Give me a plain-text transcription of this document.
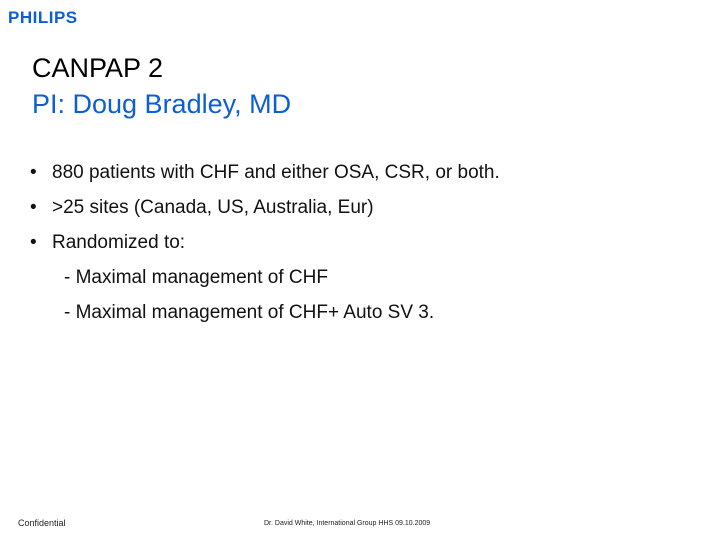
PHILIPS
CANPAP 2
PI: Doug Bradley, MD
• 880 patients with CHF and either OSA, CSR, or both.
• >25 sites (Canada, US, Australia, Eur)
• Randomized to:
- Maximal management of CHF
- Maximal management of CHF+ Auto SV 3.
Confidential	Dr. David White, International Group HHS 09.10.2009
